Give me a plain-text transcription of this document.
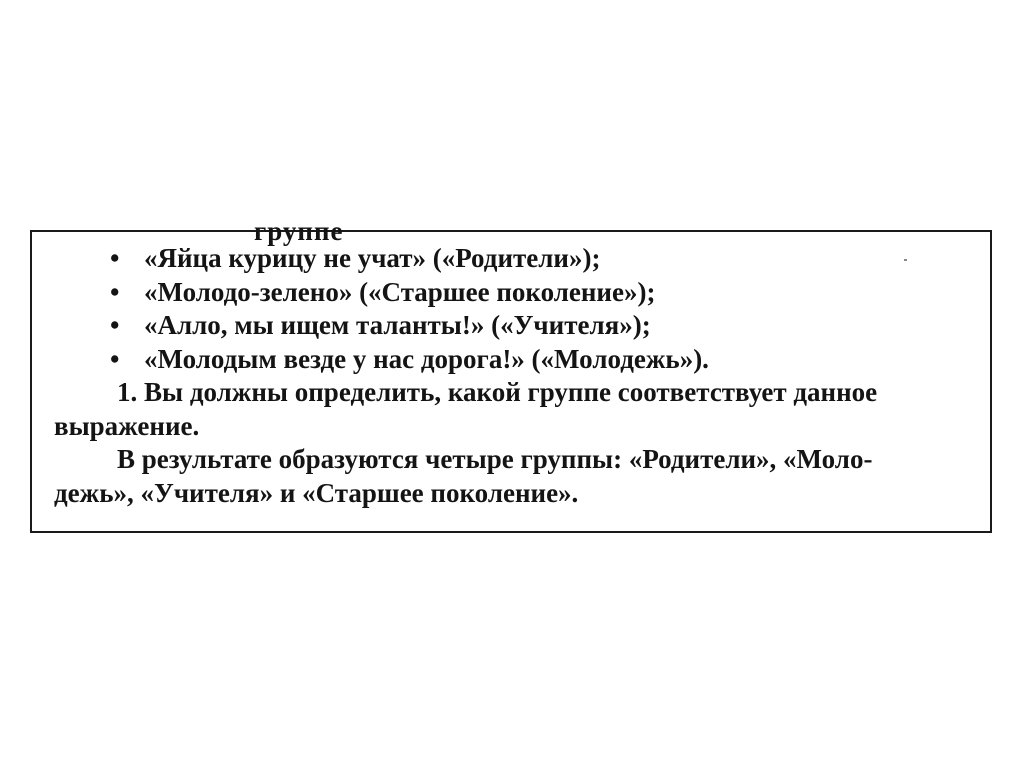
группе
• «Яйца курицу не учат» («Родители»);
• «Молодо-зелено» («Старшее поколение»);
• «Алло, мы ищем таланты!» («Учителя»);
• «Молодым везде у нас дорога!» («Молодежь»).
1. Вы должны определить, какой группе соответствует данное
выражение.
В результате образуются четыре группы: «Родители», «Моло-
дежь», «Учителя» и «Старшее поколение».
